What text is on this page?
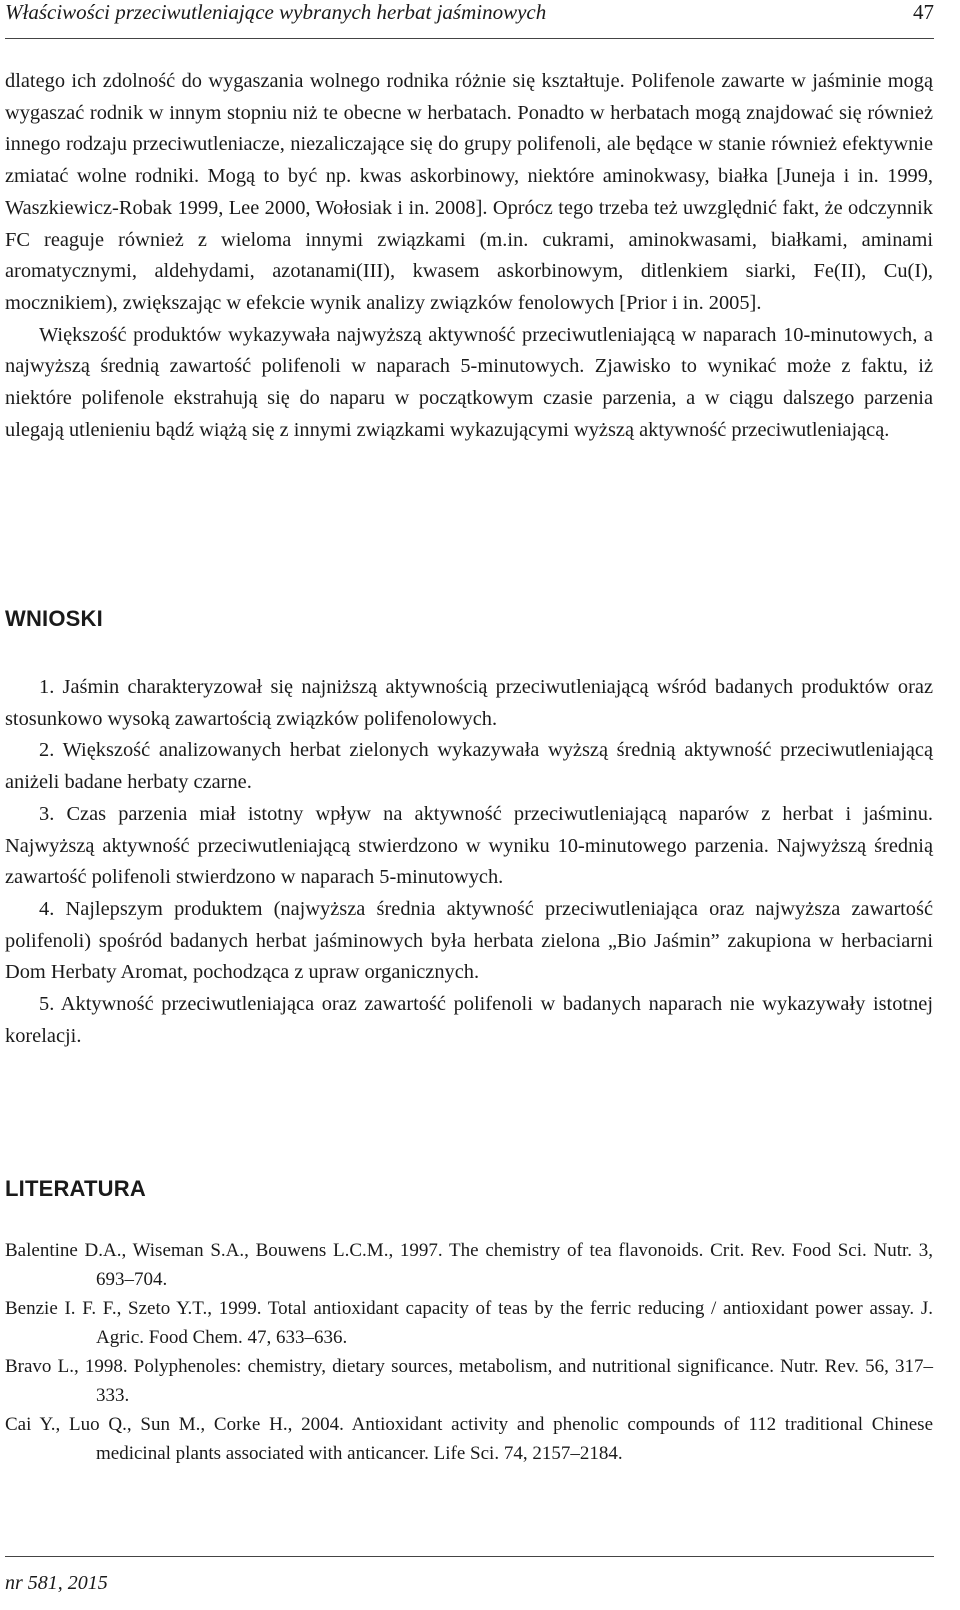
Właściwości przeciwutleniające wybranych herbat jaśminowych	47

dlatego ich zdolność do wygaszania wolnego rodnika różnie się kształtuje. Polifenole zawarte w jaśminie mogą wygaszać rodnik w innym stopniu niż te obecne w herbatach. Ponadto w herbatach mogą znajdować się również innego rodzaju przeciwutleniacze, niezaliczające się do grupy polifenoli, ale będące w stanie również efektywnie zmiatać wolne rodniki. Mogą to być np. kwas askorbinowy, niektóre aminokwasy, białka [Juneja i in. 1999, Waszkiewicz-Robak 1999, Lee 2000, Wołosiak i in. 2008]. Oprócz tego trzeba też uwzględnić fakt, że odczynnik FC reaguje również z wieloma innymi związkami (m.in. cukrami, aminokwasami, białkami, aminami aromatycznymi, aldehydami, azotanami(III), kwasem askorbinowym, ditlenkiem siarki, Fe(II), Cu(I), mocznikiem), zwiększając w efekcie wynik analizy związków fenolowych [Prior i in. 2005].

Większość produktów wykazywała najwyższą aktywność przeciwutleniającą w naparach 10-minutowych, a najwyższą średnią zawartość polifenoli w naparach 5-minutowych. Zjawisko to wynikać może z faktu, iż niektóre polifenole ekstrahują się do naparu w początkowym czasie parzenia, a w ciągu dalszego parzenia ulegają utlenieniu bądź wiążą się z innymi związkami wykazującymi wyższą aktywność przeciwutleniającą.

WNIOSKI

1. Jaśmin charakteryzował się najniższą aktywnością przeciwutleniającą wśród badanych produktów oraz stosunkowo wysoką zawartością związków polifenolowych.

2. Większość analizowanych herbat zielonych wykazywała wyższą średnią aktywność przeciwutleniającą aniżeli badane herbaty czarne.

3. Czas parzenia miał istotny wpływ na aktywność przeciwutleniającą naparów z herbat i jaśminu. Najwyższą aktywność przeciwutleniającą stwierdzono w wyniku 10-minutowego parzenia. Najwyższą średnią zawartość polifenoli stwierdzono w naparach 5-minutowych.

4. Najlepszym produktem (najwyższa średnia aktywność przeciwutleniająca oraz najwyższa zawartość polifenoli) spośród badanych herbat jaśminowych była herbata zielona „Bio Jaśmin” zakupiona w herbaciarni Dom Herbaty Aromat, pochodząca z upraw organicznych.

5. Aktywność przeciwutleniająca oraz zawartość polifenoli w badanych naparach nie wykazywały istotnej korelacji.

LITERATURA

Balentine D.A., Wiseman S.A., Bouwens L.C.M., 1997. The chemistry of tea flavonoids. Crit. Rev. Food Sci. Nutr. 3, 693–704.

Benzie I. F. F., Szeto Y.T., 1999. Total antioxidant capacity of teas by the ferric reducing / antioxidant power assay. J. Agric. Food Chem. 47, 633–636.

Bravo L., 1998. Polyphenoles: chemistry, dietary sources, metabolism, and nutritional significance. Nutr. Rev. 56, 317–333.

Cai Y., Luo Q., Sun M., Corke H., 2004. Antioxidant activity and phenolic compounds of 112 traditional Chinese medicinal plants associated with anticancer. Life Sci. 74, 2157–2184.

nr 581, 2015
